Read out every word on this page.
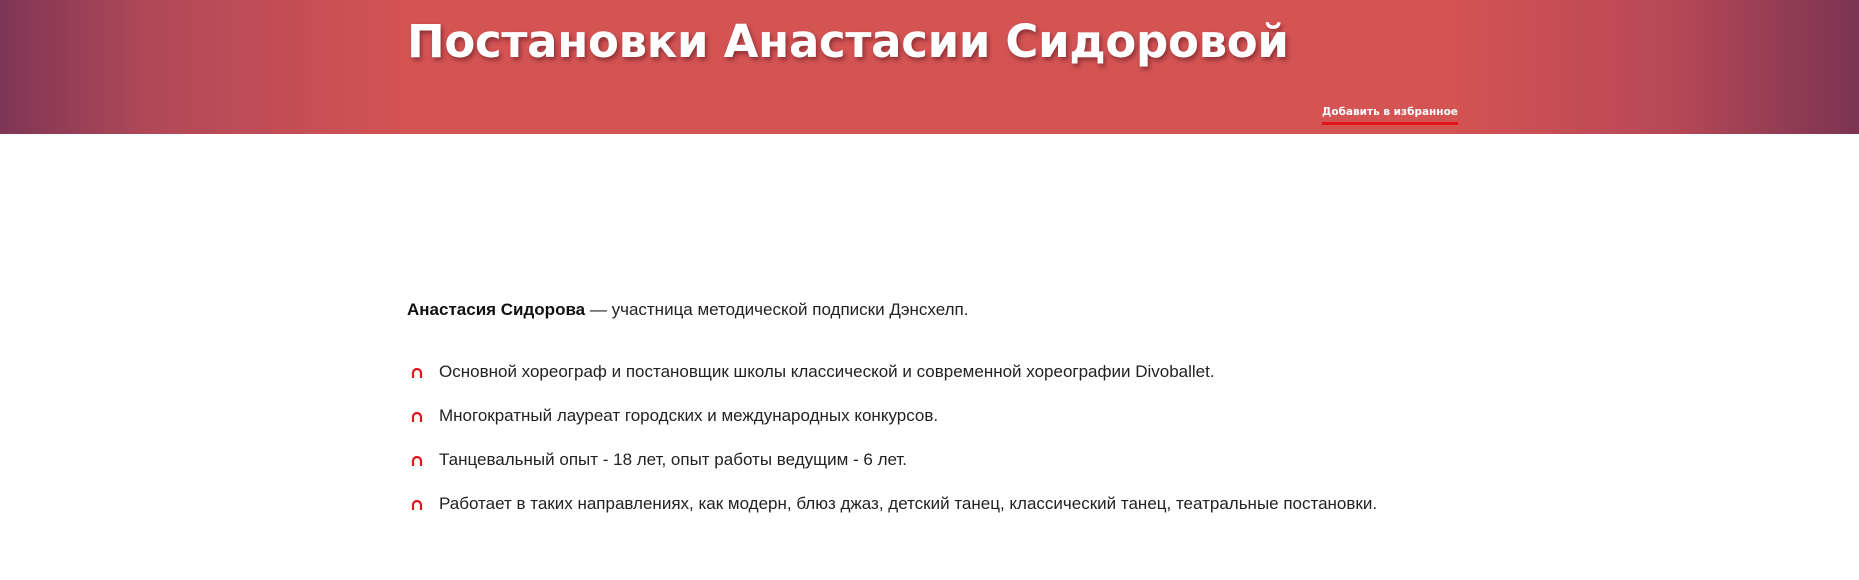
Постановки Анастасии Сидоровой
Добавить в избранное

Анастасия Сидорова — участница методической подписки Дэнсхелп.

Основной хореограф и постановщик школы классической и современной хореографии Divoballet.
Многократный лауреат городских и международных конкурсов.
Танцевальный опыт - 18 лет, опыт работы ведущим - 6 лет.
Работает в таких направлениях, как модерн, блюз джаз, детский танец, классический танец, театральные постановки.
